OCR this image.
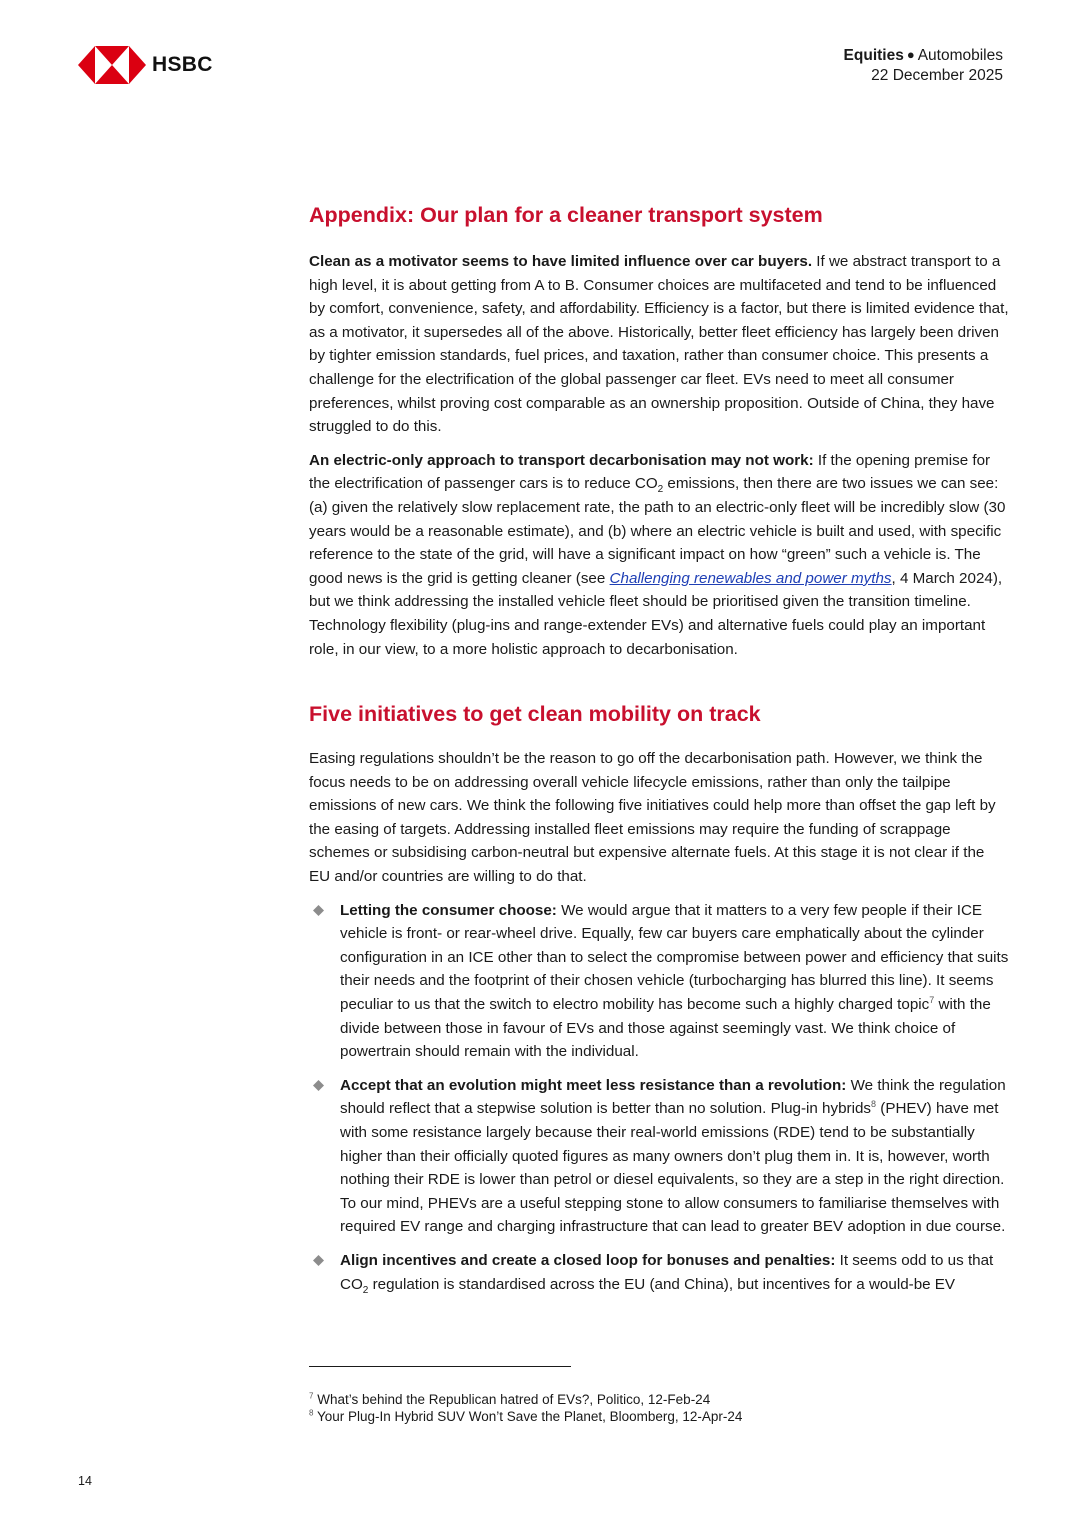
HSBC	Equities ● Automobiles
22 December 2025
Appendix: Our plan for a cleaner transport system

Clean as a motivator seems to have limited influence over car buyers. If we abstract transport to a high level, it is about getting from A to B. Consumer choices are multifaceted and tend to be influenced by comfort, convenience, safety, and affordability. Efficiency is a factor, but there is limited evidence that, as a motivator, it supersedes all of the above. Historically, better fleet efficiency has largely been driven by tighter emission standards, fuel prices, and taxation, rather than consumer choice. This presents a challenge for the electrification of the global passenger car fleet. EVs need to meet all consumer preferences, whilst proving cost comparable as an ownership proposition. Outside of China, they have struggled to do this.

An electric-only approach to transport decarbonisation may not work: If the opening premise for the electrification of passenger cars is to reduce $CO_2$ emissions, then there are two issues we can see: (a) given the relatively slow replacement rate, the path to an electric-only fleet will be incredibly slow (30 years would be a reasonable estimate), and (b) where an electric vehicle is built and used, with specific reference to the state of the grid, will have a significant impact on how “green” such a vehicle is. The good news is the grid is getting cleaner (see Challenging renewables and power myths, 4 March 2024), but we think addressing the installed vehicle fleet should be prioritised given the transition timeline. Technology flexibility (plug-ins and range-extender EVs) and alternative fuels could play an important role, in our view, to a more holistic approach to decarbonisation.

Five initiatives to get clean mobility on track

Easing regulations shouldn’t be the reason to go off the decarbonisation path. However, we think the focus needs to be on addressing overall vehicle lifecycle emissions, rather than only the tailpipe emissions of new cars. We think the following five initiatives could help more than offset the gap left by the easing of targets. Addressing installed fleet emissions may require the funding of scrappage schemes or subsidising carbon-neutral but expensive alternate fuels. At this stage it is not clear if the EU and/or countries are willing to do that.

Letting the consumer choose: We would argue that it matters to a very few people if their ICE vehicle is front- or rear-wheel drive. Equally, few car buyers care emphatically about the cylinder configuration in an ICE other than to select the compromise between power and efficiency that suits their needs and the footprint of their chosen vehicle (turbocharging has blurred this line). It seems peculiar to us that the switch to electro mobility has become such a highly charged topic$^7$ with the divide between those in favour of EVs and those against seemingly vast. We think choice of powertrain should remain with the individual.
Accept that an evolution might meet less resistance than a revolution: We think the regulation should reflect that a stepwise solution is better than no solution. Plug-in hybrids$^8$ (PHEV) have met with some resistance largely because their real-world emissions (RDE) tend to be substantially higher than their officially quoted figures as many owners don’t plug them in. It is, however, worth nothing their RDE is lower than petrol or diesel equivalents, so they are a step in the right direction. To our mind, PHEVs are a useful stepping stone to allow consumers to familiarise themselves with required EV range and charging infrastructure that can lead to greater BEV adoption in due course.
Align incentives and create a closed loop for bonuses and penalties: It seems odd to us that $CO_2$ regulation is standardised across the EU (and China), but incentives for a would-be EV
$^7$ What’s behind the Republican hatred of EVs?, Politico, 12-Feb-24
$^8$ Your Plug-In Hybrid SUV Won’t Save the Planet, Bloomberg, 12-Apr-24
14
